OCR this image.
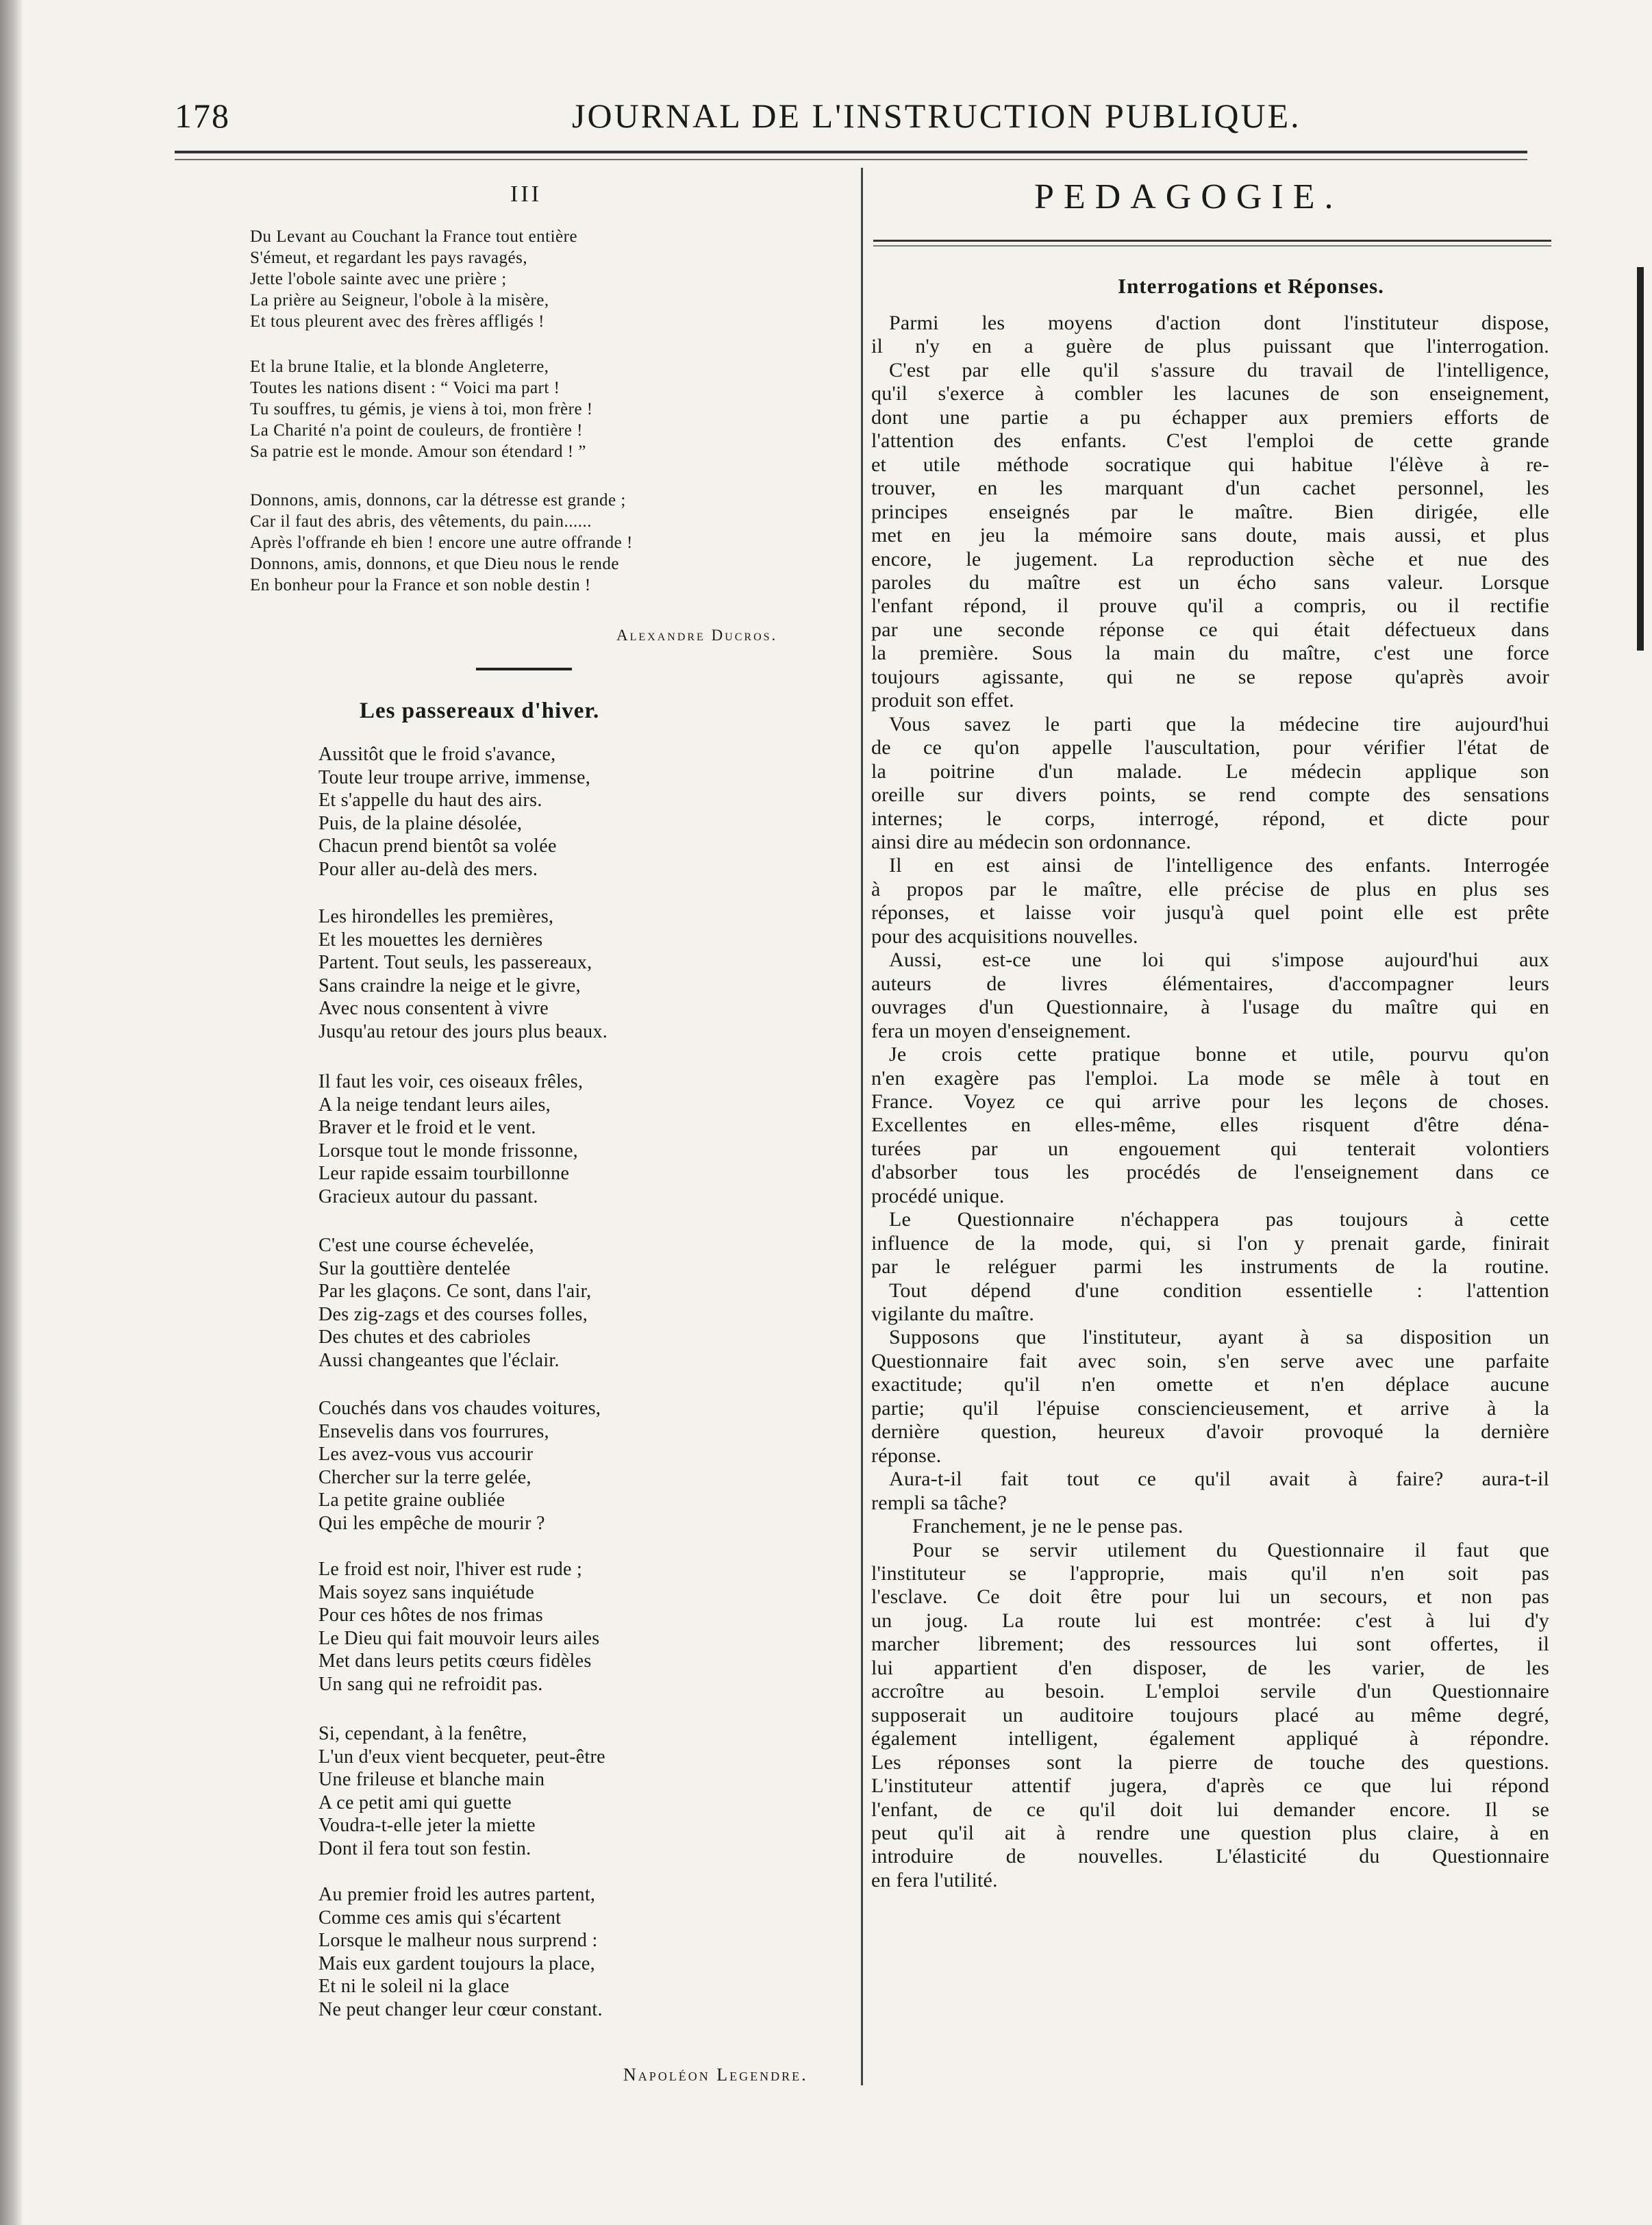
178	JOURNAL DE L'INSTRUCTION PUBLIQUE.
III
Du Levant au Couchant la France tout entière
S'émeut, et regardant les pays ravagés,
Jette l'obole sainte avec une prière ;
La prière au Seigneur, l'obole à la misère,
Et tous pleurent avec des frères affligés !
Et la brune Italie, et la blonde Angleterre,
Toutes les nations disent : “ Voici ma part !
Tu souffres, tu gémis, je viens à toi, mon frère !
La Charité n'a point de couleurs, de frontière !
Sa patrie est le monde. Amour son étendard ! ”
Donnons, amis, donnons, car la détresse est grande ;
Car il faut des abris, des vêtements, du pain......
Après l'offrande eh bien ! encore une autre offrande !
Donnons, amis, donnons, et que Dieu nous le rende
En bonheur pour la France et son noble destin !
Alexandre Ducros.
Les passereaux d'hiver.
Aussitôt que le froid s'avance,
Toute leur troupe arrive, immense,
Et s'appelle du haut des airs.
Puis, de la plaine désolée,
Chacun prend bientôt sa volée
Pour aller au-delà des mers.
Les hirondelles les premières,
Et les mouettes les dernières
Partent. Tout seuls, les passereaux,
Sans craindre la neige et le givre,
Avec nous consentent à vivre
Jusqu'au retour des jours plus beaux.
Il faut les voir, ces oiseaux frêles,
A la neige tendant leurs ailes,
Braver et le froid et le vent.
Lorsque tout le monde frissonne,
Leur rapide essaim tourbillonne
Gracieux autour du passant.
C'est une course échevelée,
Sur la gouttière dentelée
Par les glaçons. Ce sont, dans l'air,
Des zig-zags et des courses folles,
Des chutes et des cabrioles
Aussi changeantes que l'éclair.
Couchés dans vos chaudes voitures,
Ensevelis dans vos fourrures,
Les avez-vous vus accourir
Chercher sur la terre gelée,
La petite graine oubliée
Qui les empêche de mourir ?
Le froid est noir, l'hiver est rude ;
Mais soyez sans inquiétude
Pour ces hôtes de nos frimas
Le Dieu qui fait mouvoir leurs ailes
Met dans leurs petits cœurs fidèles
Un sang qui ne refroidit pas.
Si, cependant, à la fenêtre,
L'un d'eux vient becqueter, peut-être
Une frileuse et blanche main
A ce petit ami qui guette
Voudra-t-elle jeter la miette
Dont il fera tout son festin.
Au premier froid les autres partent,
Comme ces amis qui s'écartent
Lorsque le malheur nous surprend :
Mais eux gardent toujours la place,
Et ni le soleil ni la glace
Ne peut changer leur cœur constant.
Napoléon Legendre.
PEDAGOGIE.
Interrogations et Réponses.
Parmi les moyens d'action dont l'instituteur dispose,
il n'y en a guère de plus puissant que l'interrogation.
C'est par elle qu'il s'assure du travail de l'intelligence,
qu'il s'exerce à combler les lacunes de son enseignement,
dont une partie a pu échapper aux premiers efforts de
l'attention des enfants. C'est l'emploi de cette grande
et utile méthode socratique qui habitue l'élève à re-
trouver, en les marquant d'un cachet personnel, les
principes enseignés par le maître. Bien dirigée, elle
met en jeu la mémoire sans doute, mais aussi, et plus
encore, le jugement. La reproduction sèche et nue des
paroles du maître est un écho sans valeur. Lorsque
l'enfant répond, il prouve qu'il a compris, ou il rectifie
par une seconde réponse ce qui était défectueux dans
la première. Sous la main du maître, c'est une force
toujours agissante, qui ne se repose qu'après avoir
produit son effet.
Vous savez le parti que la médecine tire aujourd'hui
de ce qu'on appelle l'auscultation, pour vérifier l'état de
la poitrine d'un malade. Le médecin applique son
oreille sur divers points, se rend compte des sensations
internes; le corps, interrogé, répond, et dicte pour
ainsi dire au médecin son ordonnance.
Il en est ainsi de l'intelligence des enfants. Interrogée
à propos par le maître, elle précise de plus en plus ses
réponses, et laisse voir jusqu'à quel point elle est prête
pour des acquisitions nouvelles.
Aussi, est-ce une loi qui s'impose aujourd'hui aux
auteurs de livres élémentaires, d'accompagner leurs
ouvrages d'un Questionnaire, à l'usage du maître qui en
fera un moyen d'enseignement.
Je crois cette pratique bonne et utile, pourvu qu'on
n'en exagère pas l'emploi. La mode se mêle à tout en
France. Voyez ce qui arrive pour les leçons de choses.
Excellentes en elles-même, elles risquent d'être déna-
turées par un engouement qui tenterait volontiers
d'absorber tous les procédés de l'enseignement dans ce
procédé unique.
Le Questionnaire n'échappera pas toujours à cette
influence de la mode, qui, si l'on y prenait garde, finirait
par le reléguer parmi les instruments de la routine.
Tout dépend d'une condition essentielle : l'attention
vigilante du maître.
Supposons que l'instituteur, ayant à sa disposition un
Questionnaire fait avec soin, s'en serve avec une parfaite
exactitude; qu'il n'en omette et n'en déplace aucune
partie; qu'il l'épuise consciencieusement, et arrive à la
dernière question, heureux d'avoir provoqué la dernière
réponse.
Aura-t-il fait tout ce qu'il avait à faire? aura-t-il
rempli sa tâche?
Franchement, je ne le pense pas.
Pour se servir utilement du Questionnaire il faut que
l'instituteur se l'approprie, mais qu'il n'en soit pas
l'esclave. Ce doit être pour lui un secours, et non pas
un joug. La route lui est montrée: c'est à lui d'y
marcher librement; des ressources lui sont offertes, il
lui appartient d'en disposer, de les varier, de les
accroître au besoin. L'emploi servile d'un Questionnaire
supposerait un auditoire toujours placé au même degré,
également intelligent, également appliqué à répondre.
Les réponses sont la pierre de touche des questions.
L'instituteur attentif jugera, d'après ce que lui répond
l'enfant, de ce qu'il doit lui demander encore. Il se
peut qu'il ait à rendre une question plus claire, à en
introduire de nouvelles. L'élasticité du Questionnaire
en fera l'utilité.
